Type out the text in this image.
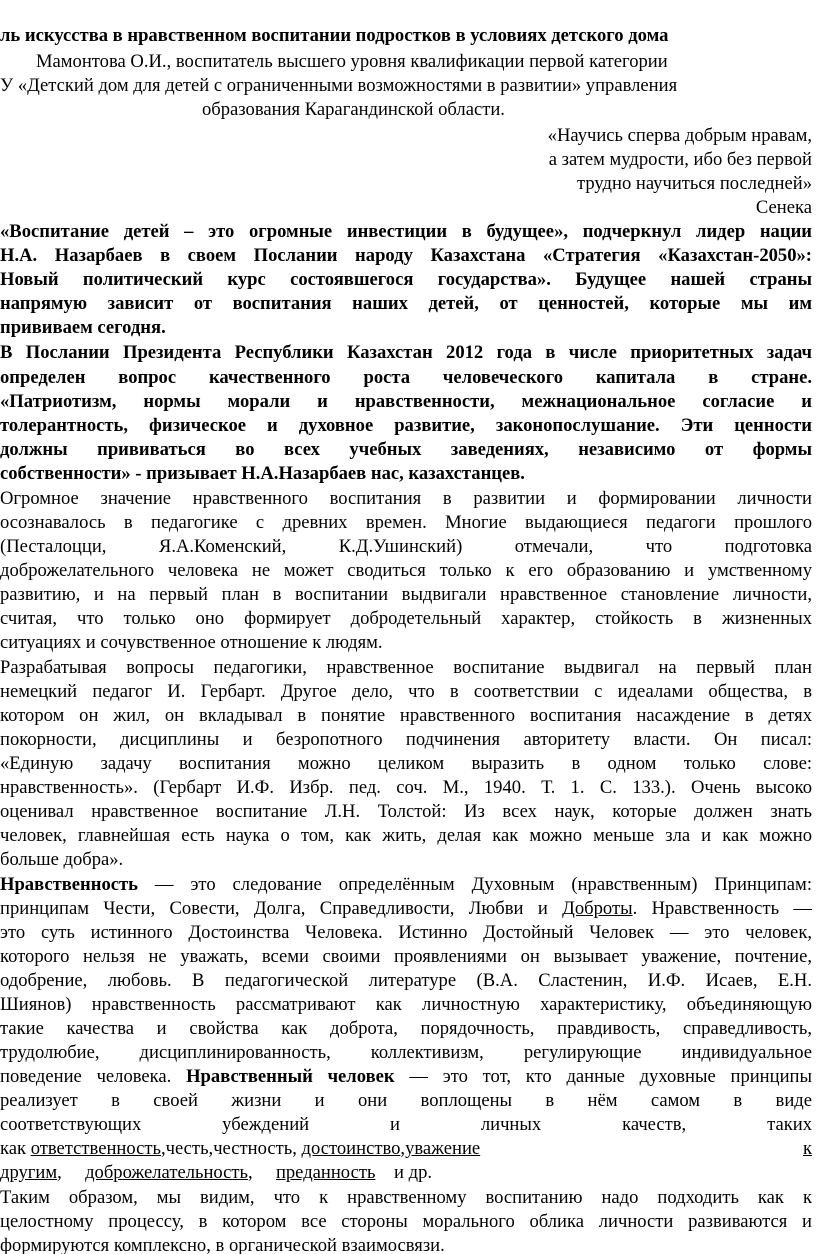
ль искусства в нравственном воспитании подростков в условиях детского дома
Мамонтова О.И., воспитатель высшего уровня квалификации первой категории
У «Детский дом для детей с ограниченными возможностями в развитии» управления
образования Карагандинской области.
«Научись сперва добрым нравам,
а затем мудрости, ибо без первой
трудно научиться последней»
Сенека
«Воспитание детей – это огромные инвестиции в будущее», подчеркнул лидер нации
Н.А. Назарбаев в своем Послании народу Казахстана «Стратегия «Казахстан-2050»:
Новый политический курс состоявшегося государства». Будущее нашей страны
напрямую зависит от воспитания наших детей, от ценностей, которые мы им
прививаем сегодня.
В Послании Президента Республики Казахстан 2012 года в числе приоритетных задач
определен вопрос качественного роста человеческого капитала в стране.
«Патриотизм, нормы морали и нравственности, межнациональное согласие и
толерантность, физическое и духовное развитие, законопослушание. Эти ценности
должны прививаться во всех учебных заведениях, независимо от формы
собственности» - призывает Н.А.Назарбаев нас, казахстанцев.
Огромное значение нравственного воспитания в развитии и формировании личности
осознавалось в педагогике с древних времен. Многие выдающиеся педагоги прошлого
(Песталоцци, Я.А.Коменский, К.Д.Ушинский) отмечали, что подготовка
доброжелательного человека не может сводиться только к его образованию и умственному
развитию, и на первый план в воспитании выдвигали нравственное становление личности,
считая, что только оно формирует добродетельный характер, стойкость в жизненных
ситуациях и сочувственное отношение к людям.
Разрабатывая вопросы педагогики, нравственное воспитание выдвигал на первый план
немецкий педагог И. Гербарт. Другое дело, что в соответствии с идеалами общества, в
котором он жил, он вкладывал в понятие нравственного воспитания насаждение в детях
покорности, дисциплины и безропотного подчинения авторитету власти. Он писал:
«Единую задачу воспитания можно целиком выразить в одном только слове:
нравственность». (Гербарт И.Ф. Избр. пед. соч. М., 1940. Т. 1. С. 133.). Очень высоко
оценивал нравственное воспитание Л.Н. Толстой: Из всех наук, которые должен знать
человек, главнейшая есть наука о том, как жить, делая как можно меньше зла и как можно
больше добра».
Нравственность — это следование определённым Духовным (нравственным) Принципам:
принципам Чести, Совести, Долга, Справедливости, Любви и Доброты. Нравственность —
это суть истинного Достоинства Человека. Истинно Достойный Человек — это человек,
которого нельзя не уважать, всеми своими проявлениями он вызывает уважение, почтение,
одобрение, любовь. В педагогической литературе (В.А. Сластенин, И.Ф. Исаев, Е.Н.
Шиянов) нравственность рассматривают как личностную характеристику, объединяющую
такие качества и свойства как доброта, порядочность, правдивость, справедливость,
трудолюбие, дисциплинированность, коллективизм, регулирующие индивидуальное
поведение человека. Нравственный человек — это тот, кто данные духовные принципы
реализует в своей жизни и они воплощены в нём самом в виде
соответствующих убеждений и личных качеств, таких
как ответственность,честь,честность, достоинство,уважение	к
другим, доброжелательность, преданность и др.
Таким образом, мы видим, что к нравственному воспитанию надо подходить как к
целостному процессу, в котором все стороны морального облика личности развиваются и
формируются комплексно, в органической взаимосвязи.
